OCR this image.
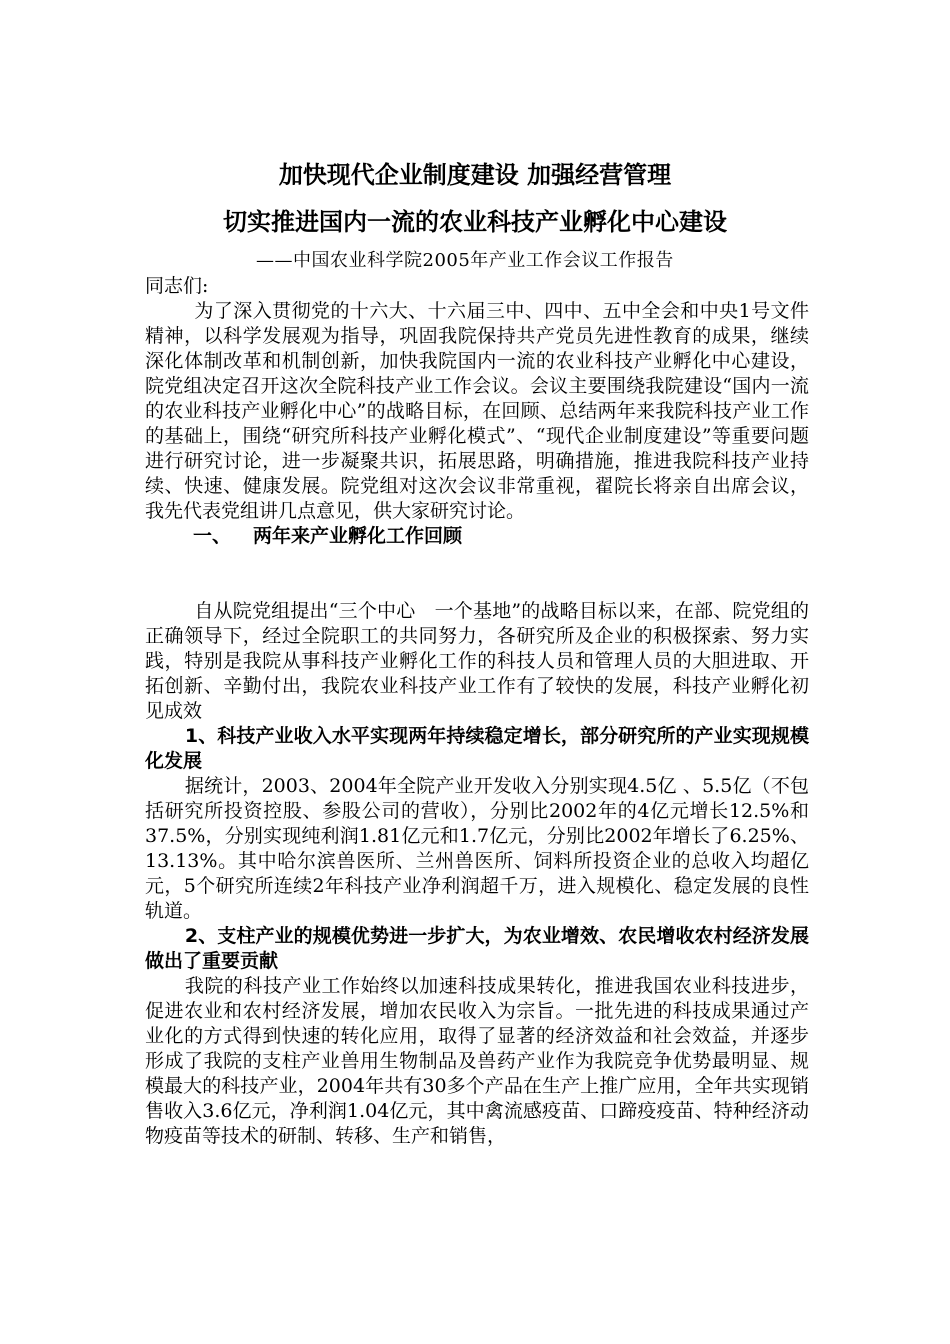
加快现代企业制度建设 加强经营管理
切实推进国内一流的农业科技产业孵化中心建设
——中国农业科学院2005年产业工作会议工作报告

同志们:

为了深入贯彻党的十六大、十六届三中、四中、五中全会和中央1号文件精神，以科学发展观为指导，巩固我院保持共产党员先进性教育的成果，继续深化体制改革和机制创新，加快我院国内一流的农业科技产业孵化中心建设，院党组决定召开这次全院科技产业工作会议。会议主要围绕我院建设“国内一流的农业科技产业孵化中心”的战略目标，在回顾、总结两年来我院科技产业工作的基础上，围绕“研究所科技产业孵化模式”、“现代企业制度建设”等重要问题进行研究讨论，进一步凝聚共识，拓展思路，明确措施，推进我院科技产业持续、快速、健康发展。院党组对这次会议非常重视，翟院长将亲自出席会议，我先代表党组讲几点意见，供大家研究讨论。

一、 两年来产业孵化工作回顾

自从院党组提出“三个中心　一个基地”的战略目标以来，在部、院党组的正确领导下，经过全院职工的共同努力，各研究所及企业的积极探索、努力实践，特别是我院从事科技产业孵化工作的科技人员和管理人员的大胆进取、开拓创新、辛勤付出，我院农业科技产业工作有了较快的发展，科技产业孵化初见成效

1、科技产业收入水平实现两年持续稳定增长，部分研究所的产业实现规模化发展

据统计，2003、2004年全院产业开发收入分别实现4.5亿 、5.5亿（不包括研究所投资控股、参股公司的营收），分别比2002年的4亿元增长12.5%和37.5%，分别实现纯利润1.81亿元和1.7亿元，分别比2002年增长了6.25%、13.13%。其中哈尔滨兽医所、兰州兽医所、饲料所投资企业的总收入均超亿元，5个研究所连续2年科技产业净利润超千万，进入规模化、稳定发展的良性轨道。

2、支柱产业的规模优势进一步扩大，为农业增效、农民增收农村经济发展做出了重要贡献

我院的科技产业工作始终以加速科技成果转化，推进我国农业科技进步，促进农业和农村经济发展，增加农民收入为宗旨。一批先进的科技成果通过产业化的方式得到快速的转化应用，取得了显著的经济效益和社会效益，并逐步形成了我院的支柱产业兽用生物制品及兽药产业作为我院竞争优势最明显、规模最大的科技产业，2004年共有30多个产品在生产上推广应用，全年共实现销售收入3.6亿元，净利润1.04亿元，其中禽流感疫苗、口蹄疫疫苗、特种经济动物疫苗等技术的研制、转移、生产和销售，
